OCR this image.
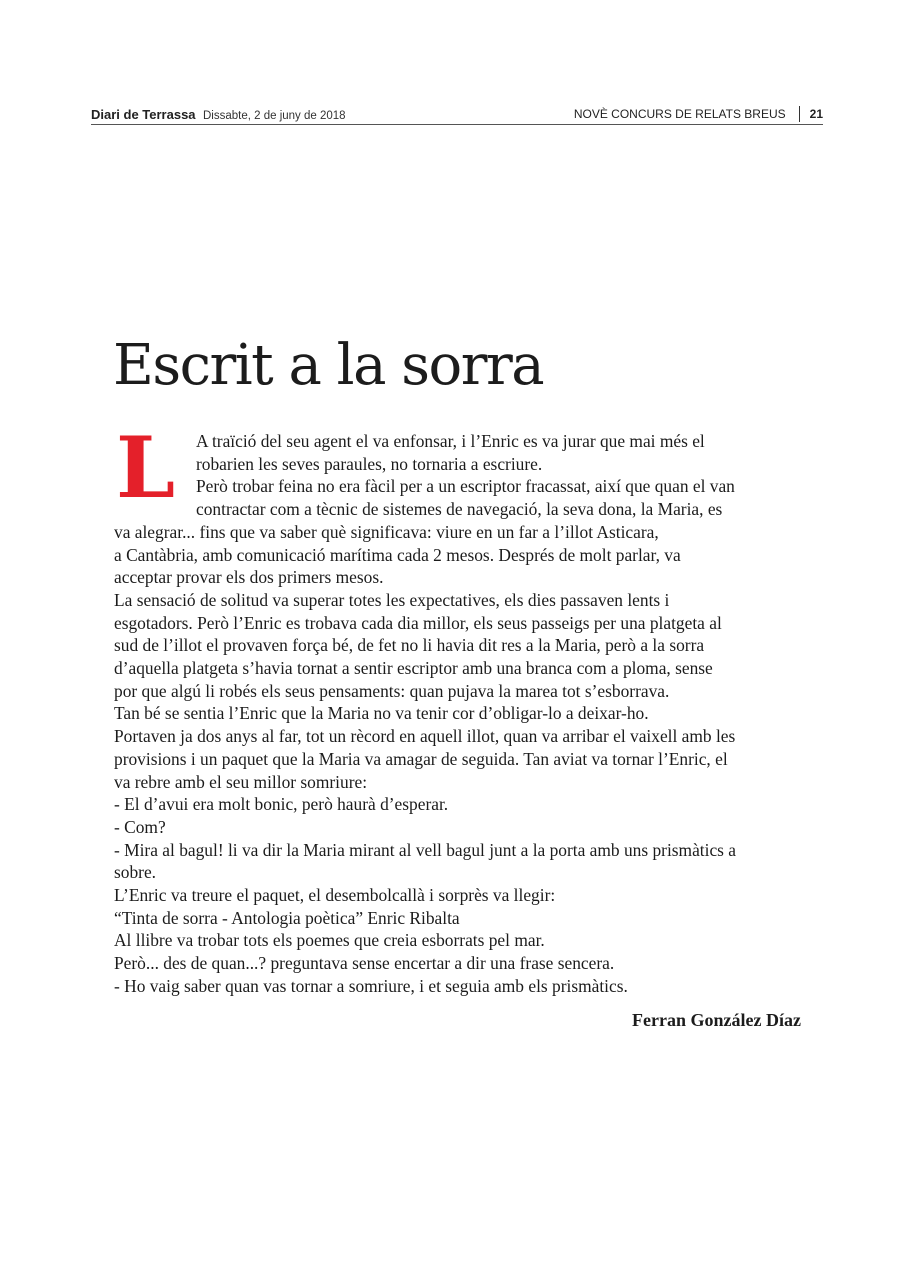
Diari de Terrassa Dissabte, 2 de juny de 2018	NOVÈ CONCURS DE RELATS BREUS 21
Escrit a la sorra
L	A traïció del seu agent el va enfonsar, i l’Enric es va jurar que mai més el
robarien les seves paraules, no tornaria a escriure.
Però trobar feina no era fàcil per a un escriptor fracassat, així que quan el van
contractar com a tècnic de sistemes de navegació, la seva dona, la Maria, es
va alegrar... fins que va saber què significava: viure en un far a l’illot Asticara,
a Cantàbria, amb comunicació marítima cada 2 mesos. Després de molt parlar, va
acceptar provar els dos primers mesos.
La sensació de solitud va superar totes les expectatives, els dies passaven lents i
esgotadors. Però l’Enric es trobava cada dia millor, els seus passeigs per una platgeta al
sud de l’illot el provaven força bé, de fet no li havia dit res a la Maria, però a la sorra
d’aquella platgeta s’havia tornat a sentir escriptor amb una branca com a ploma, sense
por que algú li robés els seus pensaments: quan pujava la marea tot s’esborrava.
Tan bé se sentia l’Enric que la Maria no va tenir cor d’obligar-lo a deixar-ho.
Portaven ja dos anys al far, tot un rècord en aquell illot, quan va arribar el vaixell amb les
provisions i un paquet que la Maria va amagar de seguida. Tan aviat va tornar l’Enric, el
va rebre amb el seu millor somriure:
- El d’avui era molt bonic, però haurà d’esperar.
- Com?
- Mira al bagul! li va dir la Maria mirant al vell bagul junt a la porta amb uns prismàtics a
sobre.
L’Enric va treure el paquet, el desembolcallà i sorprès va llegir:
“Tinta de sorra - Antologia poètica” Enric Ribalta
Al llibre va trobar tots els poemes que creia esborrats pel mar.
Però... des de quan...? preguntava sense encertar a dir una frase sencera.
- Ho vaig saber quan vas tornar a somriure, i et seguia amb els prismàtics.
Ferran González Díaz
